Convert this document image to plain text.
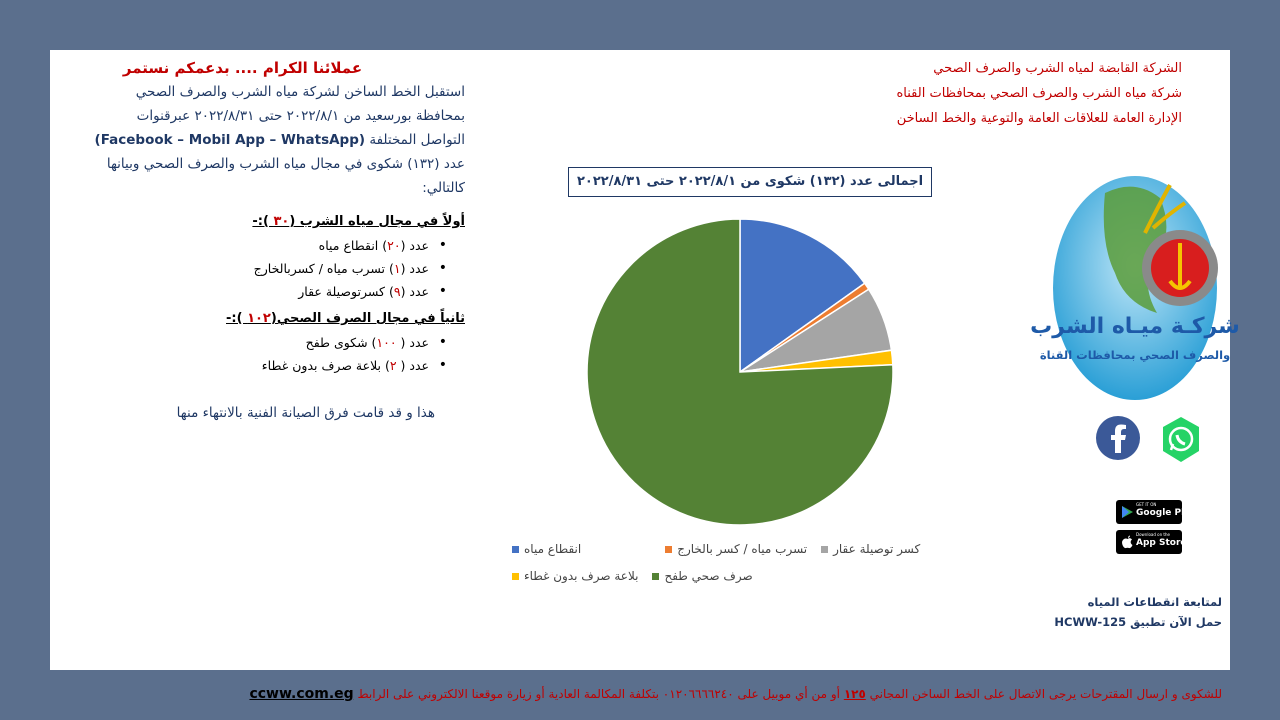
الشركة القابضة لمياه الشرب والصرف الصحي
شركة مياه الشرب والصرف الصحي بمحافظات القناه
الإدارة العامة للعلاقات العامة والتوعية والخط الساخن
عملائنا الكرام .... بدعمكم نستمر
استقبل الخط الساخن لشركة مياه الشرب والصرف الصحي
بمحافظة بورسعيد من ٢٠٢٢/٨/١ حتى ٢٠٢٢/٨/٣١ عبرقنوات
التواصل المختلفة (Facebook – Mobil App – WhatsApp)
عدد (١٣٢) شكوى في مجال مياه الشرب والصرف الصحي وبيانها
كالتالي:
أولاً في مجال مياه الشرب (٣٠ ):-
• عدد (٢٠) انقطاع مياه
• عدد (١) تسرب مياه / كسربالخارج
• عدد (٩) كسرتوصيلة عقار
ثانياً في مجال الصرف الصحي(١٠٢ ):-
• عدد ( ١٠٠) شكوى طفح
• عدد ( ٢) بلاعة صرف بدون غطاء
هذا و قد قامت فرق الصيانة الفنية بالانتهاء منها
اجمالى عدد (١٣٢) شكوى من ٢٠٢٢/٨/١ حتى ٢٠٢٢/٨/٣١
انقطاع مياه	تسرب مياه / كسر بالخارج كسر توصيلة عقار
بلاعة صرف بدون غطاء صرف صحي طفح
شركـة ميـاه الشرب
والصرف الصحي بمحافظات القناة
GET IT ON
Google Play
Download on the
App Store
لمتابعة انقطاعات المياه
حمل الآن تطبيق HCWW-125
للشكوى و ارسال المقترحات يرجى الاتصال على الخط الساخن المجاني ١٢٥ أو من أي موبيل على ٠١٢٠٦٦٦٦٢٤٠ بتكلفة المكالمة العادية أو زيارة موقعنا الالكتروني على الرابط ccww.com.eg
